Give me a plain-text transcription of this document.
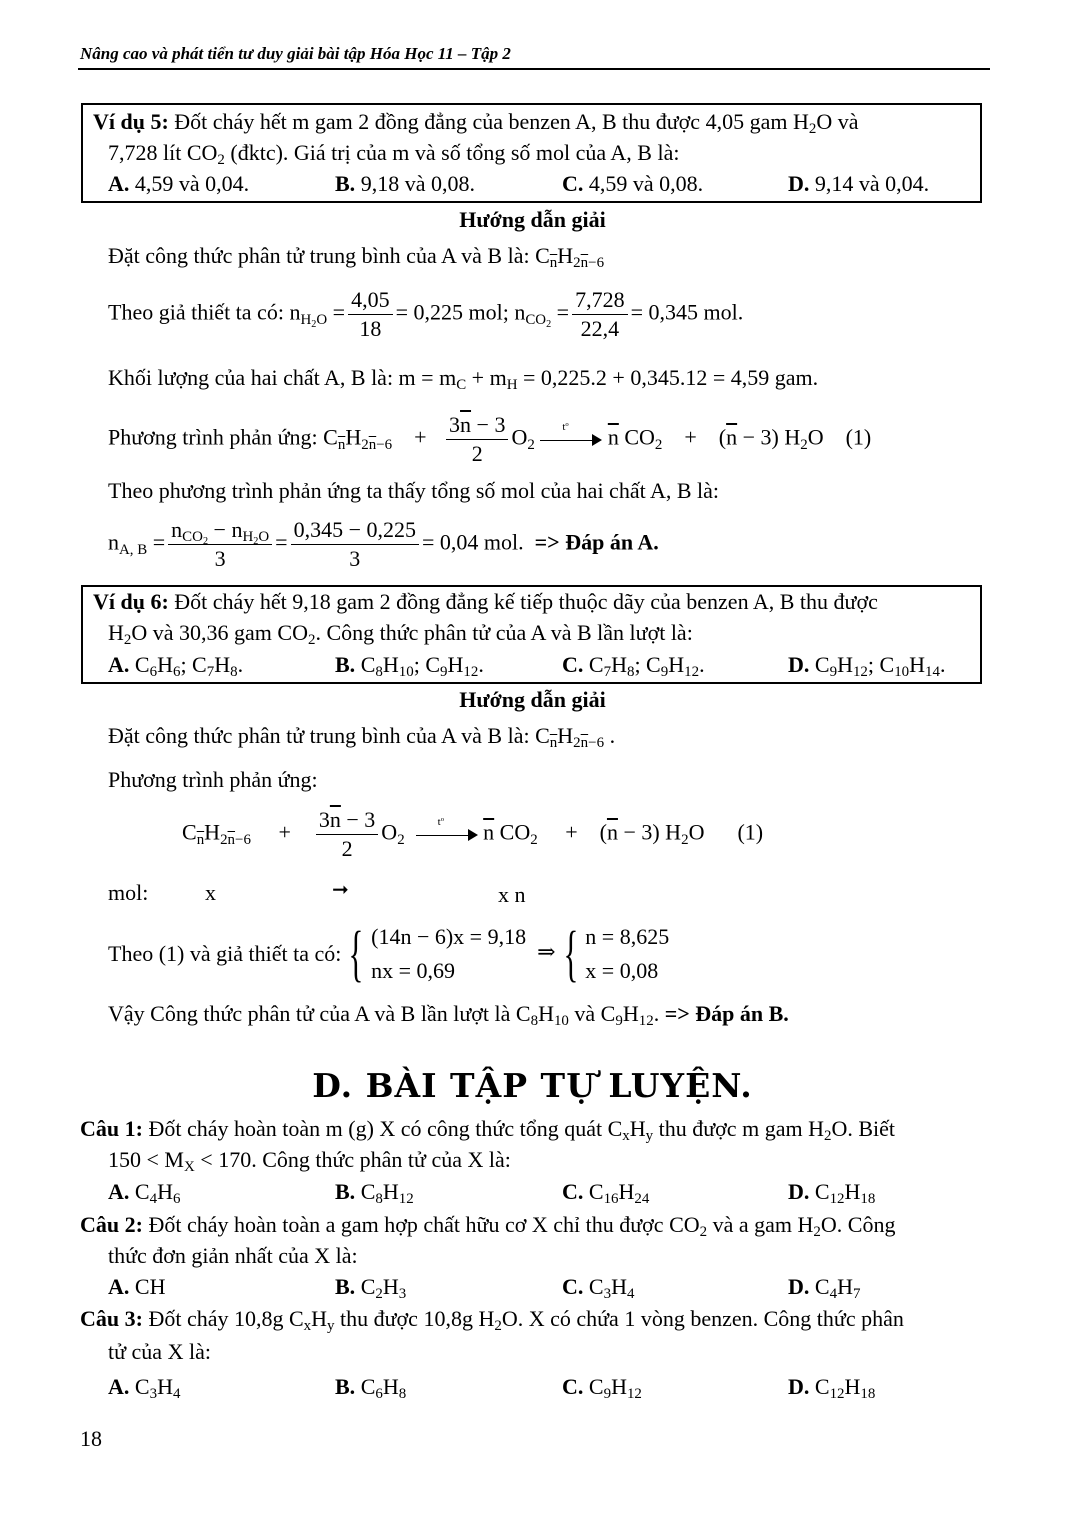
Nâng cao và phát tiển tư duy giải bài tập Hóa Học 11 – Tập 2
Ví dụ 5: Đốt cháy hết m gam 2 đồng đẳng của benzen A, B thu được 4,05 gam $H_2O$ và
7,728 lít $CO_2$ (đktc). Giá trị của m và số tổng số mol của A, B là:
A. 4,59 và 0,04.	B. 9,18 và 0,08.	C. 4,59 và 0,08.	D. 9,14 và 0,04.
Hướng dẫn giải
Đặt công thức phân tử trung bình của A và B là: $C_{\overline{n}}H_{2\overline{n}-6}$
Theo giả thiết ta có: $n_{H_2O} = \frac{4,05}{18} = 0,225$ mol; $n_{CO_2} = \frac{7,728}{22,4} = 0,345$ mol.
Khối lượng của hai chất A, B là: $m = m_C + m_H = 0,225.2 + 0,345.12 = 4,59$ gam.
Phương trình phản ứng: $C_{\overline{n}}H_{2\overline{n}-6}$    + $\frac{3\overline{n} - 3}{2} O_2$
$t^o$
$\overline{n}$ $CO_2$    +    $(\overline{n} - 3)$ $H_2O$    (1)
Theo phương trình phản ứng ta thấy tổng số mol của hai chất A, B là:
$n_{A, B} = \frac{n_{CO_2} - n_{H_2O}}{3} = \frac{0,345 - 0,225}{3} = 0,04$ mol. => Đáp án A.
Ví dụ 6: Đốt cháy hết 9,18 gam 2 đồng đẳng kế tiếp thuộc dãy của benzen A, B thu được
$H_2O$ và 30,36 gam $CO_2$. Công thức phân tử của A và B lần lượt là:
A. $C_6H_6$; $C_7H_8$.	B. $C_8H_{10}$; $C_9H_{12}$.	C. $C_7H_8$; $C_9H_{12}$.	D. $C_9H_{12}$; $C_{10}H_{14}$.
Hướng dẫn giải
Đặt công thức phân tử trung bình của A và B là: $C_{\overline{n}}H_{2\overline{n}-6}$ .
Phương trình phản ứng:
$C_{\overline{n}}H_{2\overline{n}-6}$     + $\frac{3\overline{n} - 3}{2} O_2$
$t^o$
$\overline{n}$ $CO_2$     +    $(\overline{n} - 3)$ $H_2O$      (1)
mol:	x	➞	x n
Theo (1) và giả thiết ta có: { (14n − 6)x = 9,18
nx = 0,69
⇒ { n = 8,625
x = 0,08
Vậy Công thức phân tử của A và B lần lượt là $C_8H_{10}$ và $C_9H_{12}$. => Đáp án B.
D. BÀI TẬP TỰ LUYỆN.
Câu 1: Đốt cháy hoàn toàn m (g) X có công thức tổng quát $C_xH_y$ thu được m gam $H_2O$. Biết
$150 < M_X < 170$. Công thức phân tử của X là:
A. $C_4H_6$	B. $C_8H_{12}$	C. $C_{16}H_{24}$	D. $C_{12}H_{18}$
Câu 2: Đốt cháy hoàn toàn a gam hợp chất hữu cơ X chỉ thu được $CO_2$ và a gam $H_2O$. Công
thức đơn giản nhất của X là:
A. CH	B. $C_2H_3$	C. $C_3H_4$	D. $C_4H_7$
Câu 3: Đốt cháy 10,8g $C_xH_y$ thu được 10,8g $H_2O$. X có chứa 1 vòng benzen. Công thức phân
tử của X là:
A. $C_3H_4$	B. $C_6H_8$	C. $C_9H_{12}$	D. $C_{12}H_{18}$
18
